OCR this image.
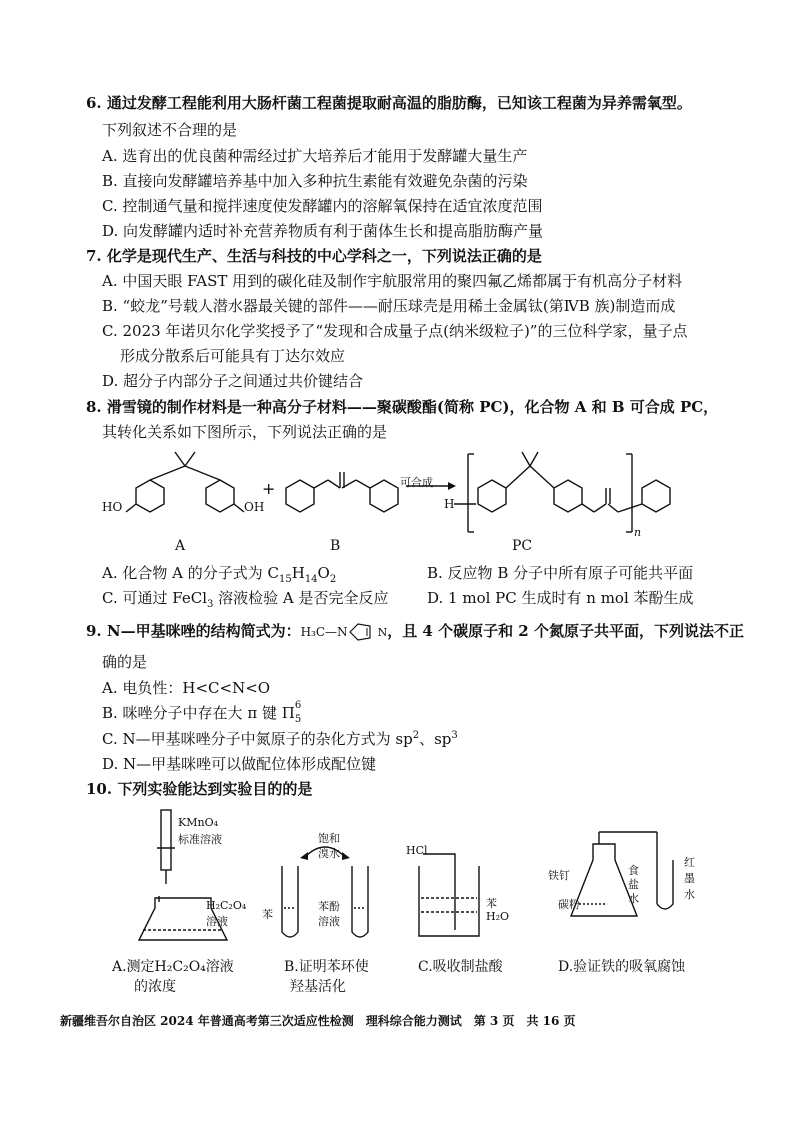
6. 通过发酵工程能利用大肠杆菌工程菌提取耐高温的脂肪酶，已知该工程菌为异养需氧型。
下列叙述不合理的是
A. 选育出的优良菌种需经过扩大培养后才能用于发酵罐大量生产
B. 直接向发酵罐培养基中加入多种抗生素能有效避免杂菌的污染
C. 控制通气量和搅拌速度使发酵罐内的溶解氧保持在适宜浓度范围
D. 向发酵罐内适时补充营养物质有利于菌体生长和提高脂肪酶产量
7. 化学是现代生产、生活与科技的中心学科之一，下列说法正确的是
A. 中国天眼 FAST 用到的碳化硅及制作宇航服常用的聚四氟乙烯都属于有机高分子材料
B. “蛟龙”号载人潜水器最关键的部件——耐压球壳是用稀土金属钛(第ⅣB 族)制造而成
C. 2023 年诺贝尔化学奖授予了“发现和合成量子点(纳米级粒子)”的三位科学家，量子点
形成分散系后可能具有丁达尔效应
D. 超分子内部分子之间通过共价键结合
8. 滑雪镜的制作材料是一种高分子材料——聚碳酸酯(简称 PC)，化合物 A 和 B 可合成 PC，
其转化关系如下图所示，下列说法正确的是
+
HO	OH
可合成
H
n
A	B	PC
A. 化合物 A 的分子式为 $C_{15}H_{14}O_2$	B. 反应物 B 分子中所有原子可能共平面
C. 可通过 FeCl$_3$ 溶液检验 A 是否完全反应	D. 1 mol PC 生成时有 n mol 苯酚生成
9. N—甲基咪唑的结构简式为：H₃C—N	N，且 4 个碳原子和 2 个氮原子共平面，下列说法不正
确的是
A. 电负性：H<C<N<O
B. 咪唑分子中存在大 π 键 Π 6
5
C. N—甲基咪唑分子中氮原子的杂化方式为 $sp^2$、$sp^3$
D. N—甲基咪唑可以做配位体形成配位键
10. 下列实验能达到实验目的的是
KMnO₄
标准溶液
H₂C₂O₄
溶液
A.测定H₂C₂O₄溶液
的浓度
饱和
溴水
苯
苯酚
溶液
B.证明苯环使
羟基活化
HCl
苯
H₂O
C.吸收制盐酸
铁钉
碳粉
食
盐
水
红
墨
水
D.验证铁的吸氧腐蚀
新疆维吾尔自治区 2024 年普通高考第三次适应性检测　理科综合能力测试　第 3 页　共 16 页
